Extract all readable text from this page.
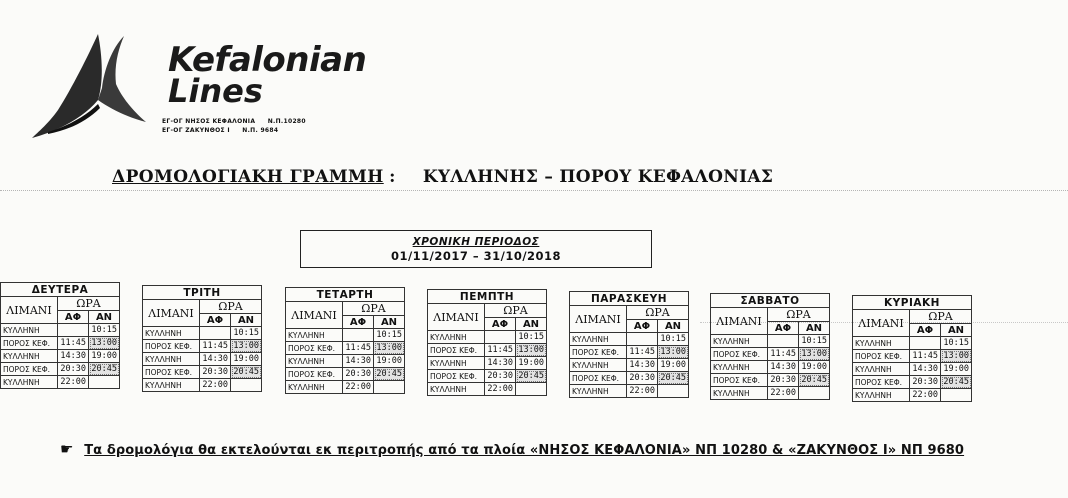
Kefalonian
Lines
ΕΓ-ΟΓ ΝΗΣΟΣ ΚΕΦΑΛΟΝΙΑ Ν.Π.10280
ΕΓ-ΟΓ ΖΑΚΥΝΘΟΣ Ι Ν.Π. 9684
ΔΡΟΜΟΛΟΓΙΑΚΗ ΓΡΑΜΜΗ : ΚΥΛΛΗΝΗΣ – ΠΟΡΟΥ ΚΕΦΑΛΟΝΙΑΣ
ΧΡΟΝΙΚΗ ΠΕΡΙΟΔΟΣ
01/11/2017 – 31/10/2018
ΔΕΥΤΕΡΑ		
ΛΙΜΑΝΙ	ΩΡΑ	
	ΑΦ	ΑΝ
ΚΥΛΛΗΝΗ		10:15
ΠΟΡΟΣ ΚΕΦ.	11:45	13:00
ΚΥΛΛΗΝΗ	14:30	19:00
ΠΟΡΟΣ ΚΕΦ.	20:30	20:45
ΚΥΛΛΗΝΗ	22:00	
ΤΡΙΤΗ		
ΛΙΜΑΝΙ	ΩΡΑ	
	ΑΦ	ΑΝ
ΚΥΛΛΗΝΗ		10:15
ΠΟΡΟΣ ΚΕΦ.	11:45	13:00
ΚΥΛΛΗΝΗ	14:30	19:00
ΠΟΡΟΣ ΚΕΦ.	20:30	20:45
ΚΥΛΛΗΝΗ	22:00	
ΤΕΤΑΡΤΗ		
ΛΙΜΑΝΙ	ΩΡΑ	
	ΑΦ	ΑΝ
ΚΥΛΛΗΝΗ		10:15
ΠΟΡΟΣ ΚΕΦ.	11:45	13:00
ΚΥΛΛΗΝΗ	14:30	19:00
ΠΟΡΟΣ ΚΕΦ.	20:30	20:45
ΚΥΛΛΗΝΗ	22:00	
ΠΕΜΠΤΗ		
ΛΙΜΑΝΙ	ΩΡΑ	
	ΑΦ	ΑΝ
ΚΥΛΛΗΝΗ		10:15
ΠΟΡΟΣ ΚΕΦ.	11:45	13:00
ΚΥΛΛΗΝΗ	14:30	19:00
ΠΟΡΟΣ ΚΕΦ.	20:30	20:45
ΚΥΛΛΗΝΗ	22:00	
ΠΑΡΑΣΚΕΥΗ		
ΛΙΜΑΝΙ	ΩΡΑ	
	ΑΦ	ΑΝ
ΚΥΛΛΗΝΗ		10:15
ΠΟΡΟΣ ΚΕΦ.	11:45	13:00
ΚΥΛΛΗΝΗ	14:30	19:00
ΠΟΡΟΣ ΚΕΦ.	20:30	20:45
ΚΥΛΛΗΝΗ	22:00	
ΣΑΒΒΑΤΟ		
ΛΙΜΑΝΙ	ΩΡΑ	
	ΑΦ	ΑΝ
ΚΥΛΛΗΝΗ		10:15
ΠΟΡΟΣ ΚΕΦ.	11:45	13:00
ΚΥΛΛΗΝΗ	14:30	19:00
ΠΟΡΟΣ ΚΕΦ.	20:30	20:45
ΚΥΛΛΗΝΗ	22:00	
ΚΥΡΙΑΚΗ		
ΛΙΜΑΝΙ	ΩΡΑ	
	ΑΦ	ΑΝ
ΚΥΛΛΗΝΗ		10:15
ΠΟΡΟΣ ΚΕΦ.	11:45	13:00
ΚΥΛΛΗΝΗ	14:30	19:00
ΠΟΡΟΣ ΚΕΦ.	20:30	20:45
ΚΥΛΛΗΝΗ	22:00	
☛ Τα δρομολόγια θα εκτελούνται εκ περιτροπής από τα πλοία «ΝΗΣΟΣ ΚΕΦΑΛΟΝΙΑ» ΝΠ 10280 & «ΖΑΚΥΝΘΟΣ Ι» ΝΠ 9680
